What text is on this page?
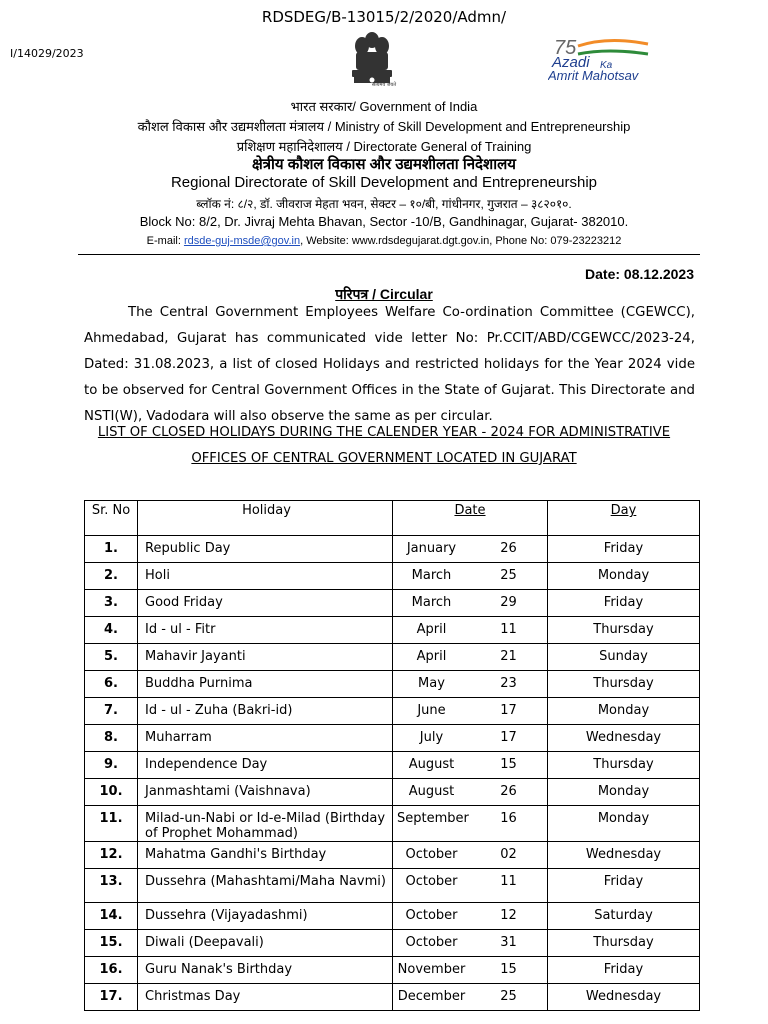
RDSDEG/B-13015/2/2020/Admn/
I/14029/2023
सत्यमेव जयते
75
Azadi Ka
Amrit Mahotsav
भारत सरकार/ Government of India
कौशल विकास और उद्यमशीलता मंत्रालय / Ministry of Skill Development and Entrepreneurship
प्रशिक्षण महानिदेशालय / Directorate General of Training
क्षेत्रीय कौशल विकास और उद्यमशीलता निदेशालय
Regional Directorate of Skill Development and Entrepreneurship
ब्लॉक नं: ८/२, डॉ. जीवराज मेहता भवन, सेक्टर – १०/बी, गांधीनगर, गुजरात – ३८२०१०.
Block No: 8/2, Dr. Jivraj Mehta Bhavan, Sector -10/B, Gandhinagar, Gujarat- 382010.
E-mail: rdsde-guj-msde@gov.in, Website: www.rdsdegujarat.dgt.gov.in, Phone No: 079-23223212
Date: 08.12.2023
परिपत्र / Circular
The Central Government Employees Welfare Co-ordination Committee (CGEWCC), Ahmedabad, Gujarat has communicated vide letter No: Pr.CCIT/ABD/CGEWCC/2023-24, Dated: 31.08.2023, a list of closed Holidays and restricted holidays for the Year 2024 vide to be observed for Central Government Offices in the State of Gujarat. This Directorate and NSTI(W), Vadodara will also observe the same as per circular.
LIST OF CLOSED HOLIDAYS DURING THE CALENDER YEAR - 2024 FOR ADMINISTRATIVE
OFFICES OF CENTRAL GOVERNMENT LOCATED IN GUJARAT
Sr. No	Holiday	Date		Day
1.	Republic Day	January	26	Friday
2.	Holi	March	25	Monday
3.	Good Friday	March	29	Friday
4.	Id - ul - Fitr	April	11	Thursday
5.	Mahavir Jayanti	April	21	Sunday
6.	Buddha Purnima	May	23	Thursday
7.	Id - ul - Zuha (Bakri-id)	June	17	Monday
8.	Muharram	July	17	Wednesday
9.	Independence Day	August	15	Thursday
10.	Janmashtami (Vaishnava)	August	26	Monday
11.	Milad-un-Nabi or Id-e-Milad (Birthday of Prophet Mohammad)	September	16	Monday
12.	Mahatma Gandhi's Birthday	October	02	Wednesday
13.	Dussehra (Mahashtami/Maha Navmi)	October	11	Friday
14.	Dussehra (Vijayadashmi)	October	12	Saturday
15.	Diwali (Deepavali)	October	31	Thursday
16.	Guru Nanak's Birthday	November	15	Friday
17.	Christmas Day	December	25	Wednesday
